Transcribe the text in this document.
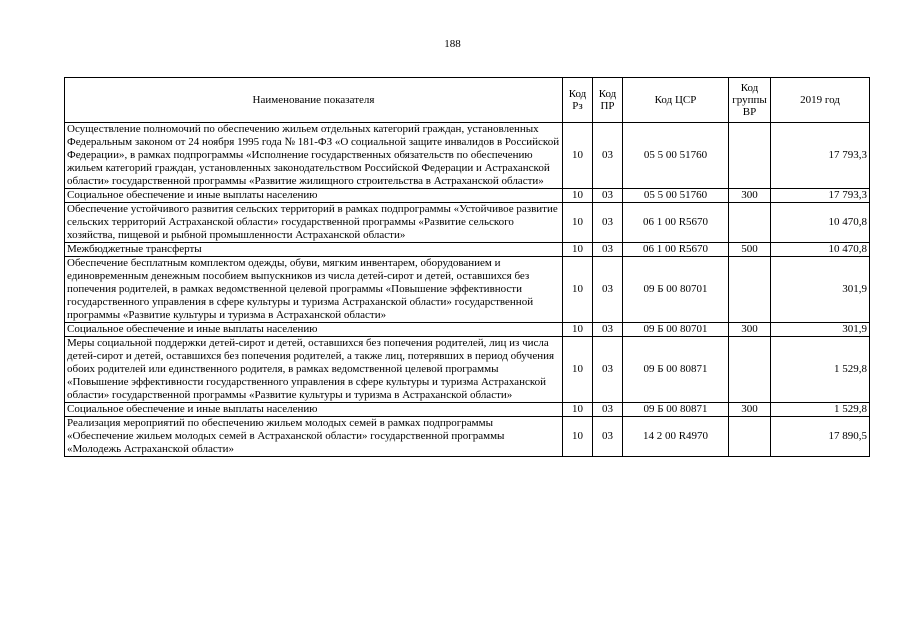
188
Наименование показателя	Код Рз	Код ПР	Код ЦСР	Код группы ВР	2019 год
Осуществление полномочий по обеспечению жильем отдельных категорий граждан, установленных Федеральным законом от 24 ноября 1995 года № 181-ФЗ «О социальной защите инвалидов в Российской Федерации», в рамках подпрограммы «Исполнение государственных обязательств по обеспечению жильем категорий граждан, установленных законодательством Российской Федерации и Астраханской области» государственной программы «Развитие жилищного строительства в Астраханской области»	10	03	05 5 00 51760		17 793,3
Социальное обеспечение и иные выплаты населению	10	03	05 5 00 51760	300	17 793,3
Обеспечение устойчивого развития сельских территорий в рамках подпрограммы «Устойчивое развитие сельских территорий Астраханской области» государственной программы «Развитие сельского хозяйства, пищевой и рыбной промышленности Астраханской области»	10	03	06 1 00 R5670		10 470,8
Межбюджетные трансферты	10	03	06 1 00 R5670	500	10 470,8
Обеспечение бесплатным комплектом одежды, обуви, мягким инвентарем, оборудованием и единовременным денежным пособием выпускников из числа детей-сирот и детей, оставшихся без попечения родителей, в рамках ведомственной целевой программы «Повышение эффективности государственного управления в сфере культуры и туризма Астраханской области» государственной программы «Развитие культуры и туризма в Астраханской области»	10	03	09 Б 00 80701		301,9
Социальное обеспечение и иные выплаты населению	10	03	09 Б 00 80701	300	301,9
Меры социальной поддержки детей-сирот и детей, оставшихся без попечения родителей, лиц из числа детей-сирот и детей, оставшихся без попечения родителей, а также лиц, потерявших в период обучения обоих родителей или единственного родителя, в рамках ведомственной целевой программы «Повышение эффективности государственного управления в сфере культуры и туризма Астраханской области» государственной программы «Развитие культуры и туризма в Астраханской области»	10	03	09 Б 00 80871		1 529,8
Социальное обеспечение и иные выплаты населению	10	03	09 Б 00 80871	300	1 529,8
Реализация мероприятий по обеспечению жильем молодых семей в рамках подпрограммы «Обеспечение жильем молодых семей в Астраханской области» государственной программы «Молодежь Астраханской области»	10	03	14 2 00 R4970		17 890,5
